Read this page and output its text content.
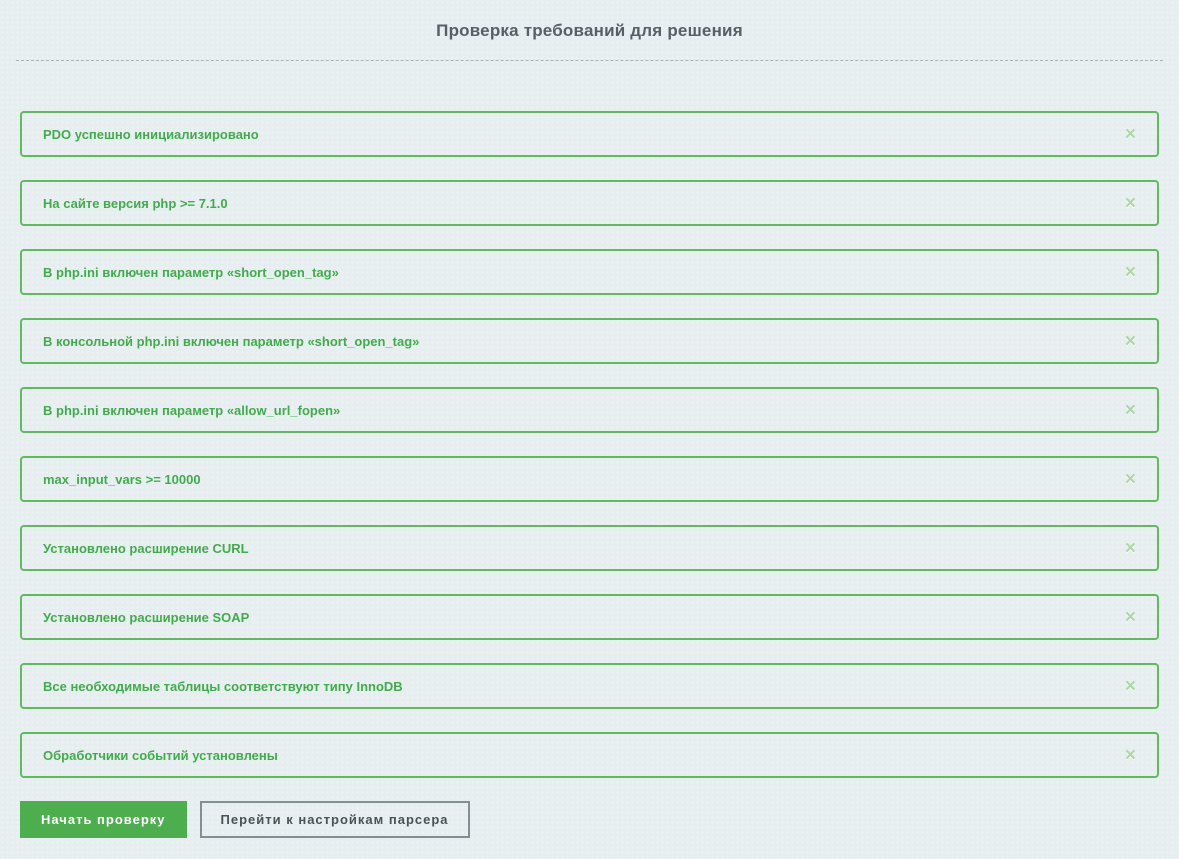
Проверка требований для решения
PDO успешно инициализировано	×
На сайте версия php >= 7.1.0	×
В php.ini включен параметр «short_open_tag»	×
В консольной php.ini включен параметр «short_open_tag»	×
В php.ini включен параметр «allow_url_fopen»	×
max_input_vars >= 10000	×
Установлено расширение CURL	×
Установлено расширение SOAP	×
Все необходимые таблицы соответствуют типу InnoDB	×
Обработчики событий установлены	×
Начать проверку	Перейти к настройкам парсера
